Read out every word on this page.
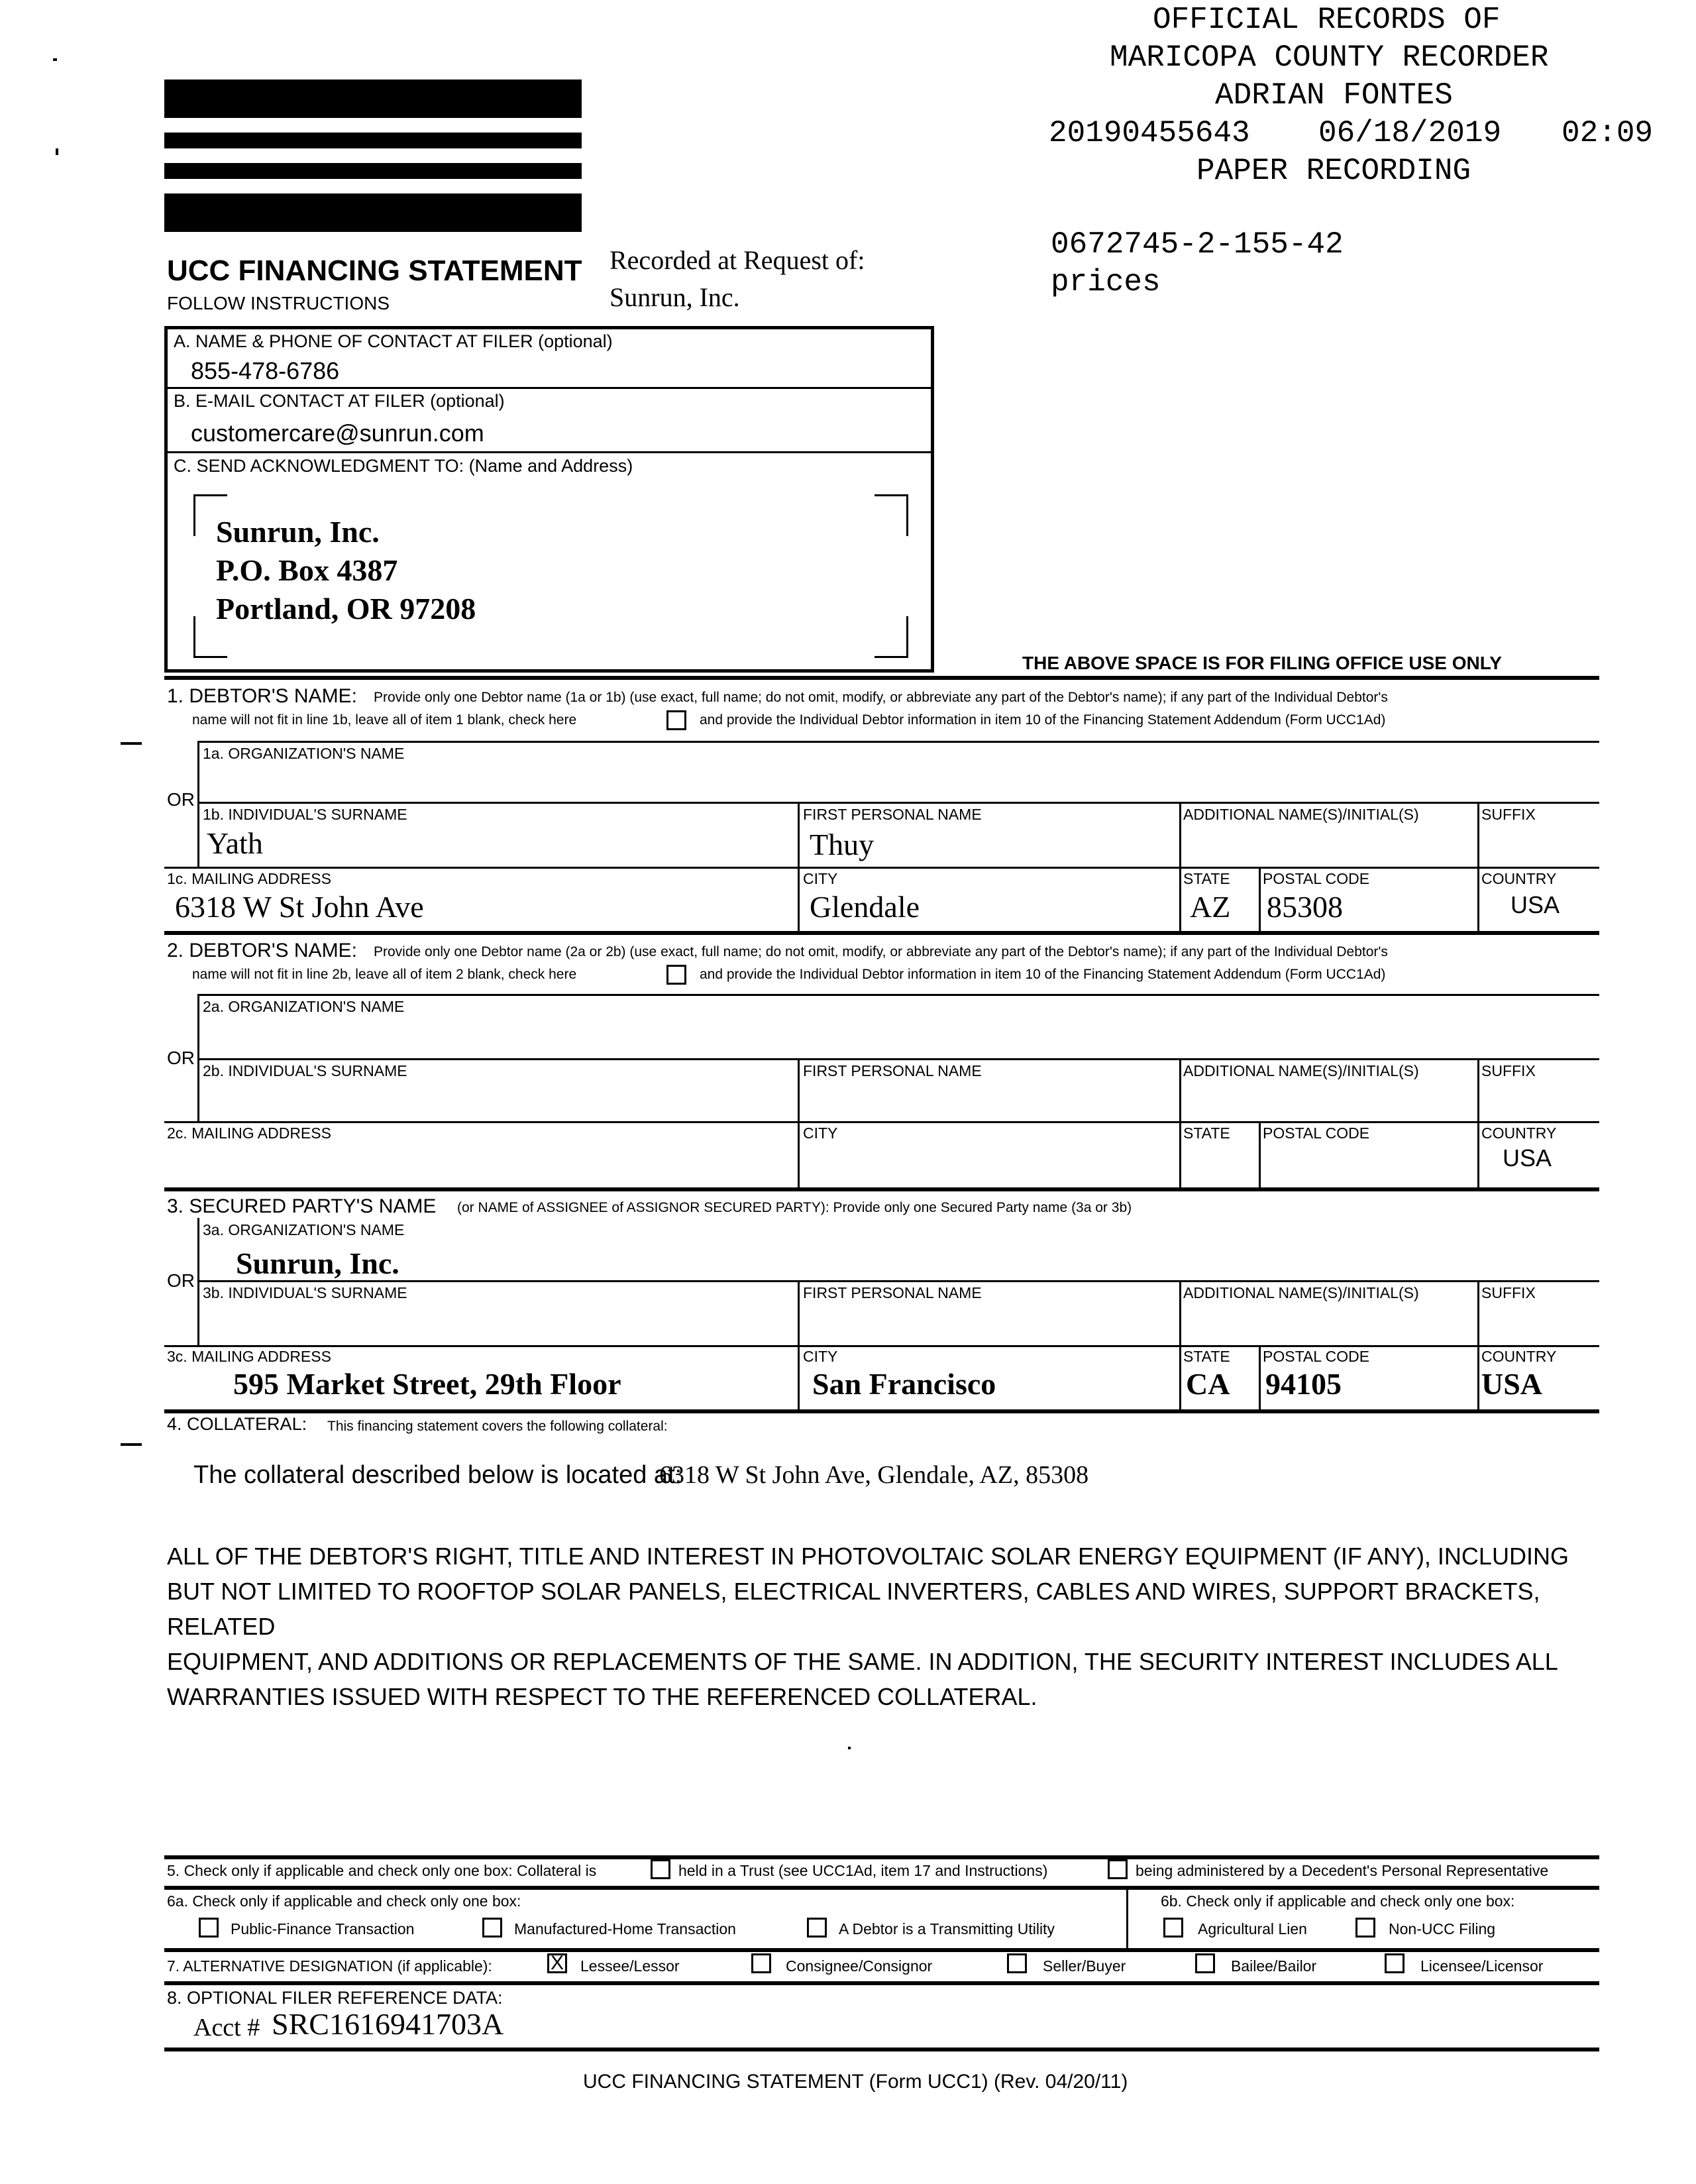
OFFICIAL RECORDS OF
MARICOPA COUNTY RECORDER
ADRIAN FONTES
20190455643 06/18/2019 02:09
PAPER RECORDING
0672745-2-155-42
prices
UCC FINANCING STATEMENT
FOLLOW INSTRUCTIONS
Recorded at Request of:
Sunrun, Inc.
A. NAME & PHONE OF CONTACT AT FILER (optional)
855-478-6786
B. E-MAIL CONTACT AT FILER (optional)
customercare@sunrun.com
C. SEND ACKNOWLEDGMENT TO: (Name and Address)
Sunrun, Inc.
P.O. Box 4387
Portland, OR 97208
THE ABOVE SPACE IS FOR FILING OFFICE USE ONLY
1. DEBTOR'S NAME: Provide only one Debtor name (1a or 1b) (use exact, full name; do not omit, modify, or abbreviate any part of the Debtor's name); if any part of the Individual Debtor's
name will not fit in line 1b, leave all of item 1 blank, check here	and provide the Individual Debtor information in item 10 of the Financing Statement Addendum (Form UCC1Ad)
1a. ORGANIZATION'S NAME
OR
1b. INDIVIDUAL'S SURNAME
Yath
FIRST PERSONAL NAME
Thuy
ADDITIONAL NAME(S)/INITIAL(S)	SUFFIX
1c. MAILING ADDRESS
6318 W St John Ave
CITY
Glendale
STATE
AZ
POSTAL CODE
85308
COUNTRY
USA
2. DEBTOR'S NAME: Provide only one Debtor name (2a or 2b) (use exact, full name; do not omit, modify, or abbreviate any part of the Debtor's name); if any part of the Individual Debtor's
name will not fit in line 2b, leave all of item 2 blank, check here	and provide the Individual Debtor information in item 10 of the Financing Statement Addendum (Form UCC1Ad)
2a. ORGANIZATION'S NAME
OR
2b. INDIVIDUAL'S SURNAME	FIRST PERSONAL NAME	ADDITIONAL NAME(S)/INITIAL(S)	SUFFIX
2c. MAILING ADDRESS	CITY	STATE POSTAL CODE	COUNTRY
USA
3. SECURED PARTY'S NAME (or NAME of ASSIGNEE of ASSIGNOR SECURED PARTY): Provide only one Secured Party name (3a or 3b)
3a. ORGANIZATION'S NAME
Sunrun, Inc.
OR
3b. INDIVIDUAL'S SURNAME	FIRST PERSONAL NAME	ADDITIONAL NAME(S)/INITIAL(S)	SUFFIX
3c. MAILING ADDRESS
595 Market Street, 29th Floor
CITY
San Francisco
STATE
CA
POSTAL CODE
94105
COUNTRY
USA
4. COLLATERAL: This financing statement covers the following collateral:
The collateral described below is located at:
6318 W St John Ave, Glendale, AZ, 85308
ALL OF THE DEBTOR'S RIGHT, TITLE AND INTEREST IN PHOTOVOLTAIC SOLAR ENERGY EQUIPMENT (IF ANY), INCLUDING
BUT NOT LIMITED TO ROOFTOP SOLAR PANELS, ELECTRICAL INVERTERS, CABLES AND WIRES, SUPPORT BRACKETS, RELATED
EQUIPMENT, AND ADDITIONS OR REPLACEMENTS OF THE SAME. IN ADDITION, THE SECURITY INTEREST INCLUDES ALL
WARRANTIES ISSUED WITH RESPECT TO THE REFERENCED COLLATERAL.
5. Check only if applicable and check only one box: Collateral is	held in a Trust (see UCC1Ad, item 17 and Instructions)	being administered by a Decedent's Personal Representative
6a. Check only if applicable and check only one box:	6b. Check only if applicable and check only one box:
Public-Finance Transaction	Manufactured-Home Transaction	A Debtor is a Transmitting Utility	Agricultural Lien	Non-UCC Filing
7. ALTERNATIVE DESIGNATION (if applicable):	X Lessee/Lessor	Consignee/Consignor	Seller/Buyer	Bailee/Bailor	Licensee/Licensor
8. OPTIONAL FILER REFERENCE DATA:
Acct # SRC1616941703A
UCC FINANCING STATEMENT (Form UCC1) (Rev. 04/20/11)
